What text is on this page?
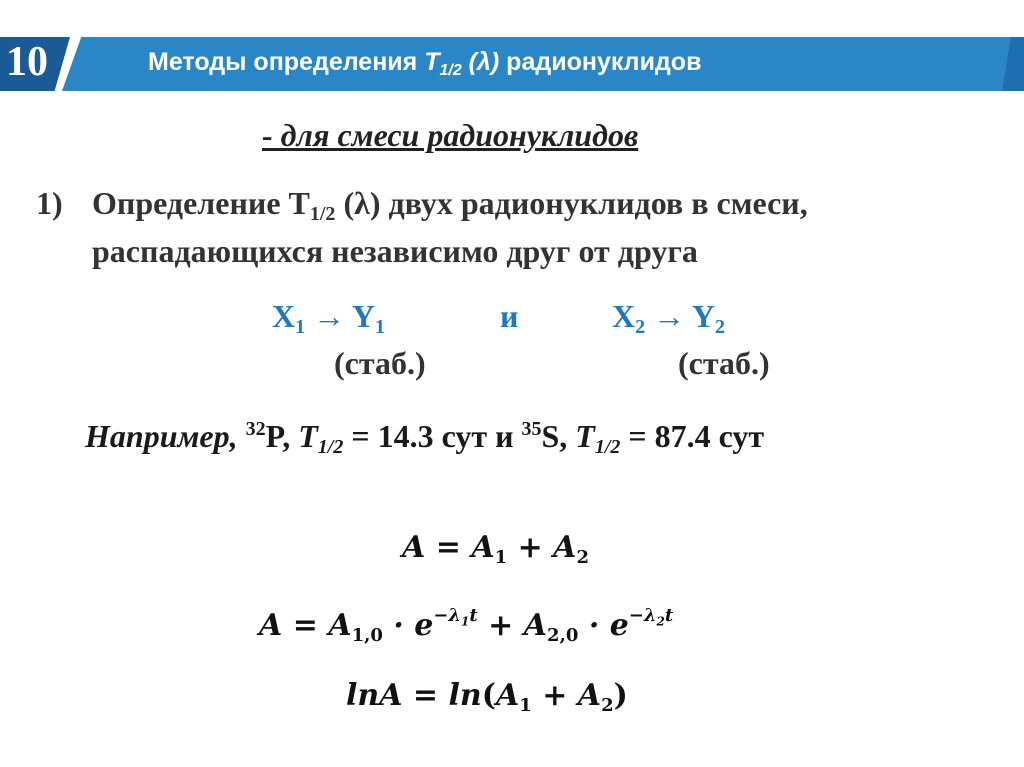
10	Методы определения $T_{1/2}$ (λ) радионуклидов
- для смеси радионуклидов
1) Определение $T_{1/2}$ (λ) двух радионуклидов в смеси,
распадающихся независимо друг от друга
$X_1 \to Y_1$	и	$X_2 \to Y_2$
(стаб.)	(стаб.)
Например, $^{32}$P, $T_{1/2} = 14.3$ сут и $^{35}$S, $T_{1/2} = 87.4$ сут
$A = A_1 + A_2$
$A = A_{1,0} \cdot e^{-\lambda_1t} + A_{2,0} \cdot e^{-\lambda_2t}$
$\ln A = \ln(A_1 + A_2)$
